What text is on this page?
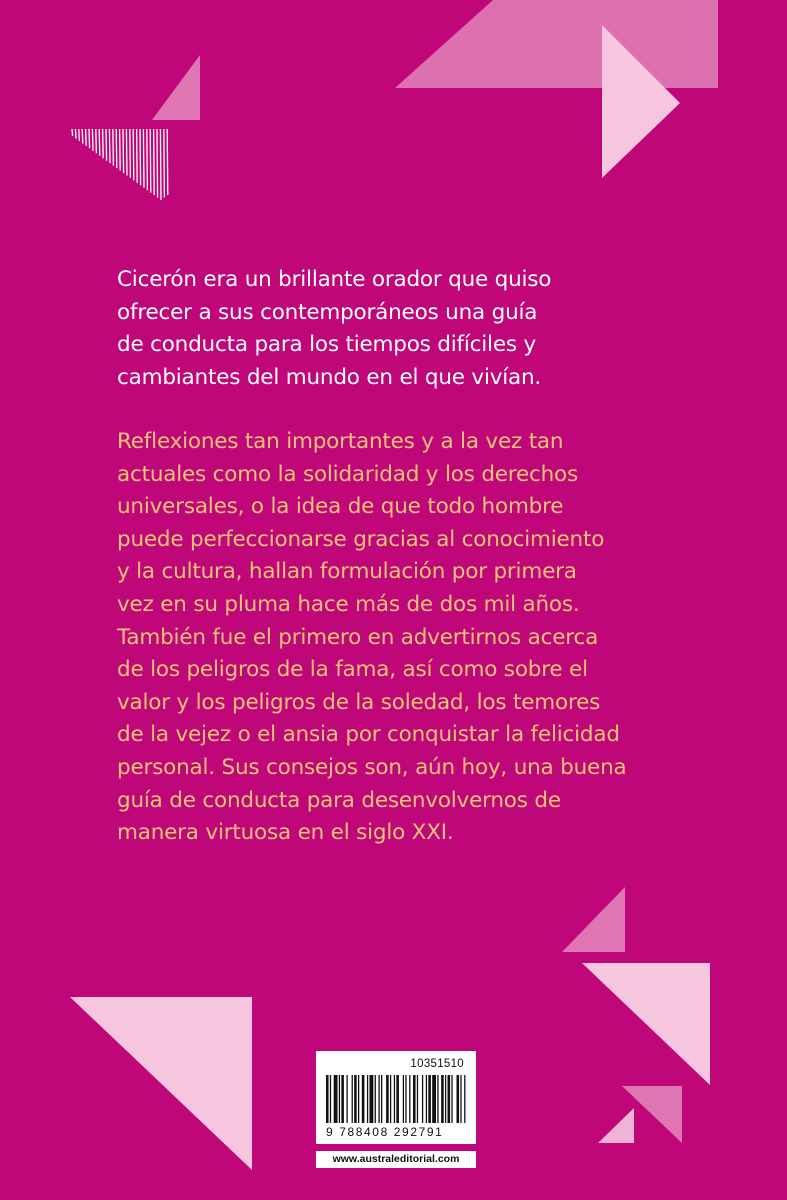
Cicerón era un brillante orador que quiso
ofrecer a sus contemporáneos una guía
de conducta para los tiempos difíciles y
cambiantes del mundo en el que vivían.

Reflexiones tan importantes y a la vez tan
actuales como la solidaridad y los derechos
universales, o la idea de que todo hombre
puede perfeccionarse gracias al conocimiento
y la cultura, hallan formulación por primera
vez en su pluma hace más de dos mil años.
También fue el primero en advertirnos acerca
de los peligros de la fama, así como sobre el
valor y los peligros de la soledad, los temores
de la vejez o el ansia por conquistar la felicidad
personal. Sus consejos son, aún hoy, una buena
guía de conducta para desenvolvernos de
manera virtuosa en el siglo XXI.

10351510
9 788408 292791
www.australeditorial.com
